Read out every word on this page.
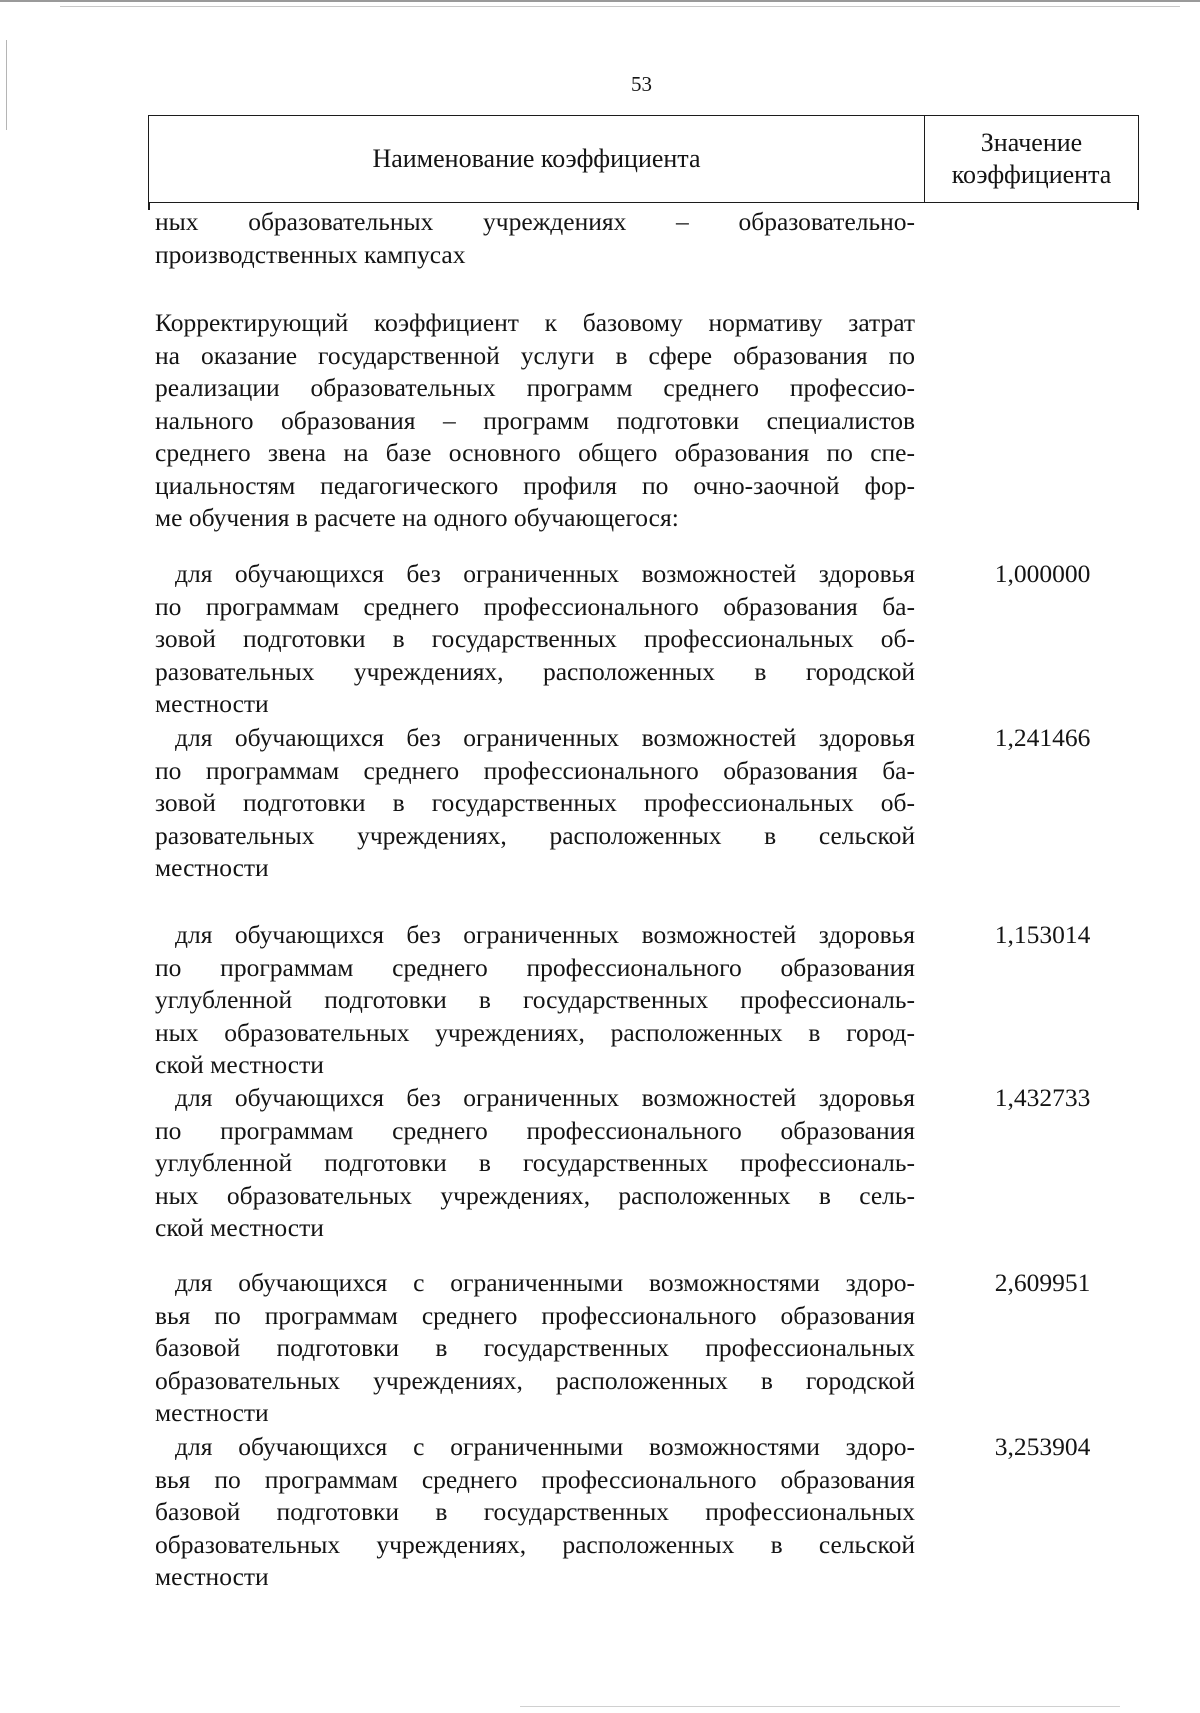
53
Наименование коэффициента
Значение
коэффициента
ных образовательных учреждениях – образовательно-
производственных кампусах
Корректирующий коэффициент к базовому нормативу затрат
на оказание государственной услуги в сфере образования по
реализации образовательных программ среднего профессио-
нального образования – программ подготовки специалистов
среднего звена на базе основного общего образования по спе-
циальностям педагогического профиля по очно-заочной фор-
ме обучения в расчете на одного обучающегося:
для обучающихся без ограниченных возможностей здоровья
по программам среднего профессионального образования ба-
зовой подготовки в государственных профессиональных об-
разовательных учреждениях, расположенных в городской
местности
1,000000
для обучающихся без ограниченных возможностей здоровья
по программам среднего профессионального образования ба-
зовой подготовки в государственных профессиональных об-
разовательных учреждениях, расположенных в сельской
местности
1,241466
для обучающихся без ограниченных возможностей здоровья
по программам среднего профессионального образования
углубленной подготовки в государственных профессиональ-
ных образовательных учреждениях, расположенных в город-
ской местности
1,153014
для обучающихся без ограниченных возможностей здоровья
по программам среднего профессионального образования
углубленной подготовки в государственных профессиональ-
ных образовательных учреждениях, расположенных в сель-
ской местности
1,432733
для обучающихся с ограниченными возможностями здоро-
вья по программам среднего профессионального образования
базовой подготовки в государственных профессиональных
образовательных учреждениях, расположенных в городской
местности
2,609951
для обучающихся с ограниченными возможностями здоро-
вья по программам среднего профессионального образования
базовой подготовки в государственных профессиональных
образовательных учреждениях, расположенных в сельской
местности
3,253904
